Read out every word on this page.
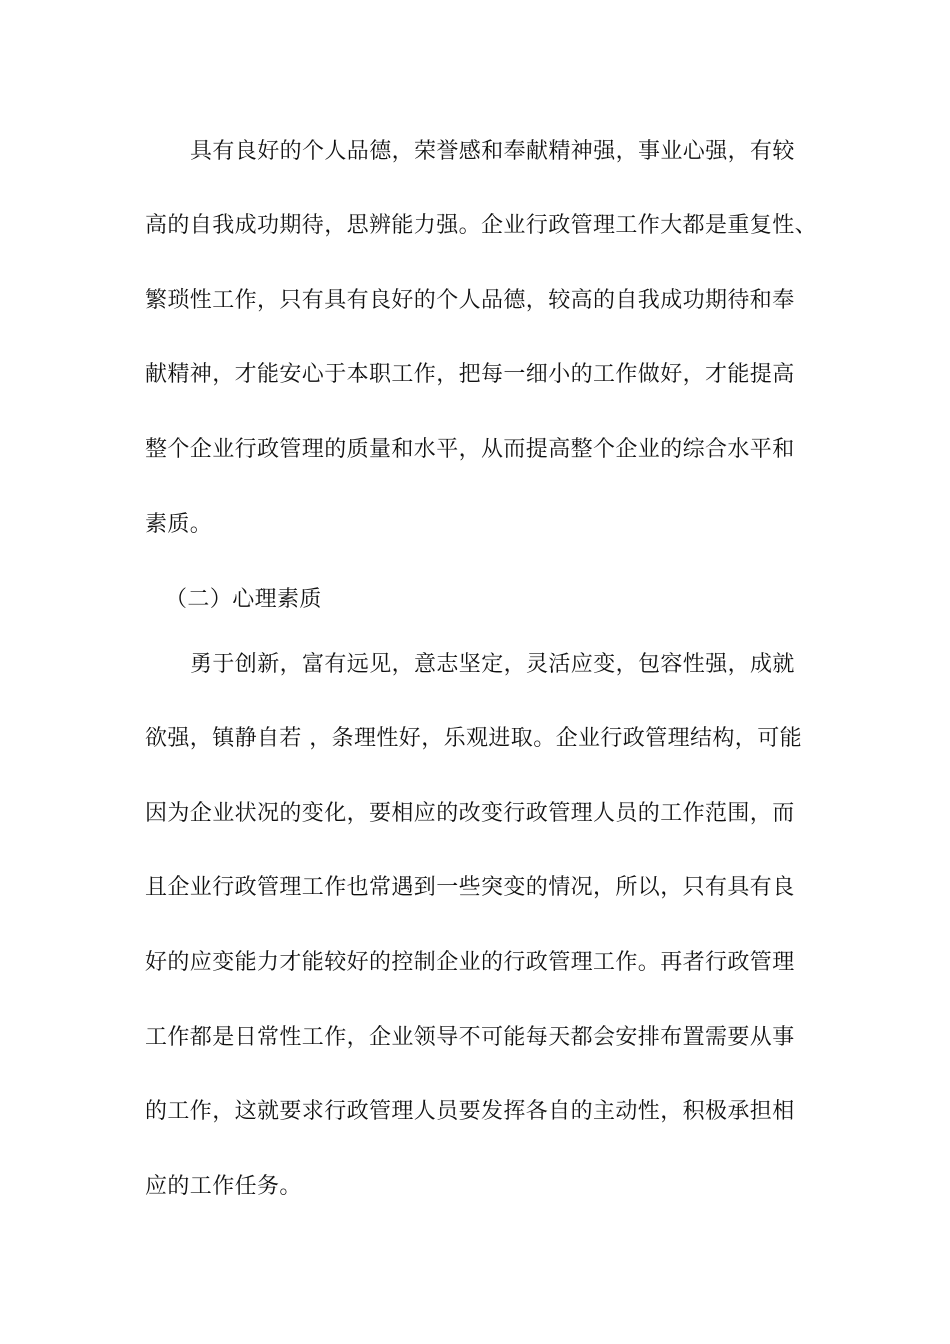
具有良好的个人品德，荣誉感和奉献精神强，事业心强，有较
高的自我成功期待，思辨能力强。企业行政管理工作大都是重复性、
繁琐性工作，只有具有良好的个人品德，较高的自我成功期待和奉
献精神，才能安心于本职工作，把每一细小的工作做好，才能提高
整个企业行政管理的质量和水平，从而提高整个企业的综合水平和
素质。
（二）心理素质
勇于创新，富有远见，意志坚定，灵活应变，包容性强，成就
欲强，镇静自若 ，条理性好，乐观进取。企业行政管理结构，可能
因为企业状况的变化，要相应的改变行政管理人员的工作范围，而
且企业行政管理工作也常遇到一些突变的情况，所以，只有具有良
好的应变能力才能较好的控制企业的行政管理工作。再者行政管理
工作都是日常性工作，企业领导不可能每天都会安排布置需要从事
的工作，这就要求行政管理人员要发挥各自的主动性，积极承担相
应的工作任务。
